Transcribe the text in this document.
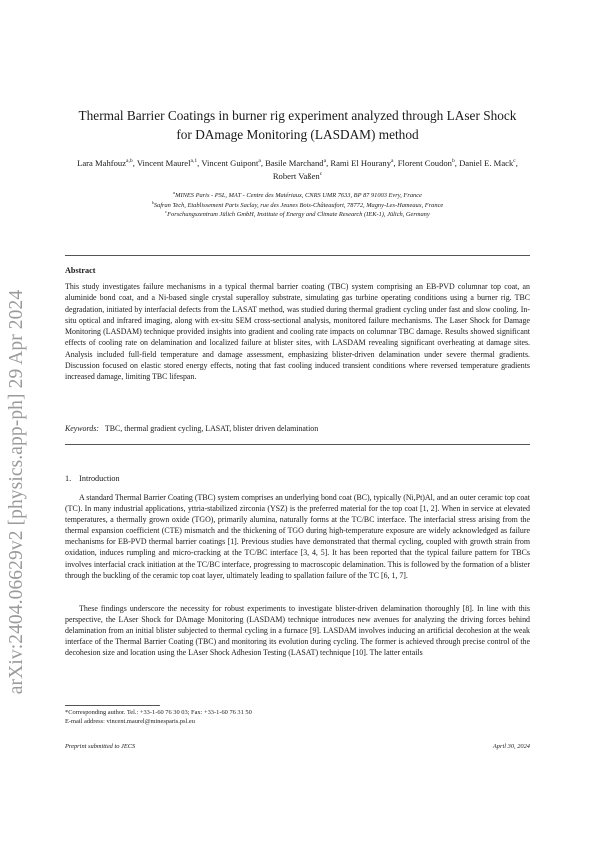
arXiv:2404.06629v2 [physics.app-ph] 29 Apr 2024
Thermal Barrier Coatings in burner rig experiment analyzed through LAser Shock for DAmage Monitoring (LASDAM) method
Lara Mahfouz$^{a,b}$, Vincent Maurel$^{a,1}$, Vincent Guipont$^a$, Basile Marchand$^a$, Rami El Hourany$^a$, Florent Coudon$^b$, Daniel E. Mack$^c$, Robert Vaßen$^c$
$^a$MINES Paris - PSL, MAT - Centre des Matériaux, CNRS UMR 7633, BP 87 91003 Evry, France
$^b$Safran Tech, Etablissement Paris Saclay, rue des Jeunes Bois-Châteaufort, 78772, Magny-Les-Hameaux, France
$^c$Forschungszentrum Jülich GmbH, Institute of Energy and Climate Research (IEK-1), Jülich, Germany
Abstract
This study investigates failure mechanisms in a typical thermal barrier coating (TBC) system comprising an EB-PVD columnar top coat, an aluminide bond coat, and a Ni-based single crystal superalloy substrate, simulating gas turbine operating conditions using a burner rig. TBC degradation, initiated by interfacial defects from the LASAT method, was studied during thermal gradient cycling under fast and slow cooling. In-situ optical and infrared imaging, along with ex-situ SEM cross-sectional analysis, monitored failure mechanisms. The Laser Shock for Damage Monitoring (LASDAM) technique provided insights into gradient and cooling rate impacts on columnar TBC damage. Results showed significant effects of cooling rate on delamination and localized failure at blister sites, with LASDAM revealing significant overheating at damage sites. Analysis included full-field temperature and damage assessment, emphasizing blister-driven delamination under severe thermal gradients. Discussion focused on elastic stored energy effects, noting that fast cooling induced transient conditions where reversed temperature gradients increased damage, limiting TBC lifespan.
Keywords: TBC, thermal gradient cycling, LASAT, blister driven delamination
1. Introduction

A standard Thermal Barrier Coating (TBC) system comprises an underlying bond coat (BC), typically (Ni,Pt)Al, and an outer ceramic top coat (TC). In many industrial applications, yttria-stabilized zirconia (YSZ) is the preferred material for the top coat [1, 2]. When in service at elevated temperatures, a thermally grown oxide (TGO), primarily alumina, naturally forms at the TC/BC interface. The interfacial stress arising from the thermal expansion coefficient (CTE) mismatch and the thickening of TGO during high-temperature exposure are widely acknowledged as failure mechanisms for EB-PVD thermal barrier coatings [1]. Previous studies have demonstrated that thermal cycling, coupled with growth strain from oxidation, induces rumpling and micro-cracking at the TC/BC interface [3, 4, 5]. It has been reported that the typical failure pattern for TBCs involves interfacial crack initiation at the TC/BC interface, progressing to macroscopic delamination. This is followed by the formation of a blister through the buckling of the ceramic top coat layer, ultimately leading to spallation failure of the TC [6, 1, 7].

These findings underscore the necessity for robust experiments to investigate blister-driven delamination thoroughly [8]. In line with this perspective, the LAser Shock for DAmage Monitoring (LASDAM) technique introduces new avenues for analyzing the driving forces behind delamination from an initial blister subjected to thermal cycling in a furnace [9]. LASDAM involves inducing an artificial decohesion at the weak interface of the Thermal Barrier Coating (TBC) and monitoring its evolution during cycling. The former is achieved through precise control of the decohesion size and location using the LAser Shock Adhesion Testing (LASAT) technique [10]. The latter entails

*Corresponding author. Tel.: +33-1-60 76 30 03; Fax: +33-1-60 76 31 50
E-mail address: vincent.maurel@minesparis.psl.eu
Preprint submitted to JECS	April 30, 2024
